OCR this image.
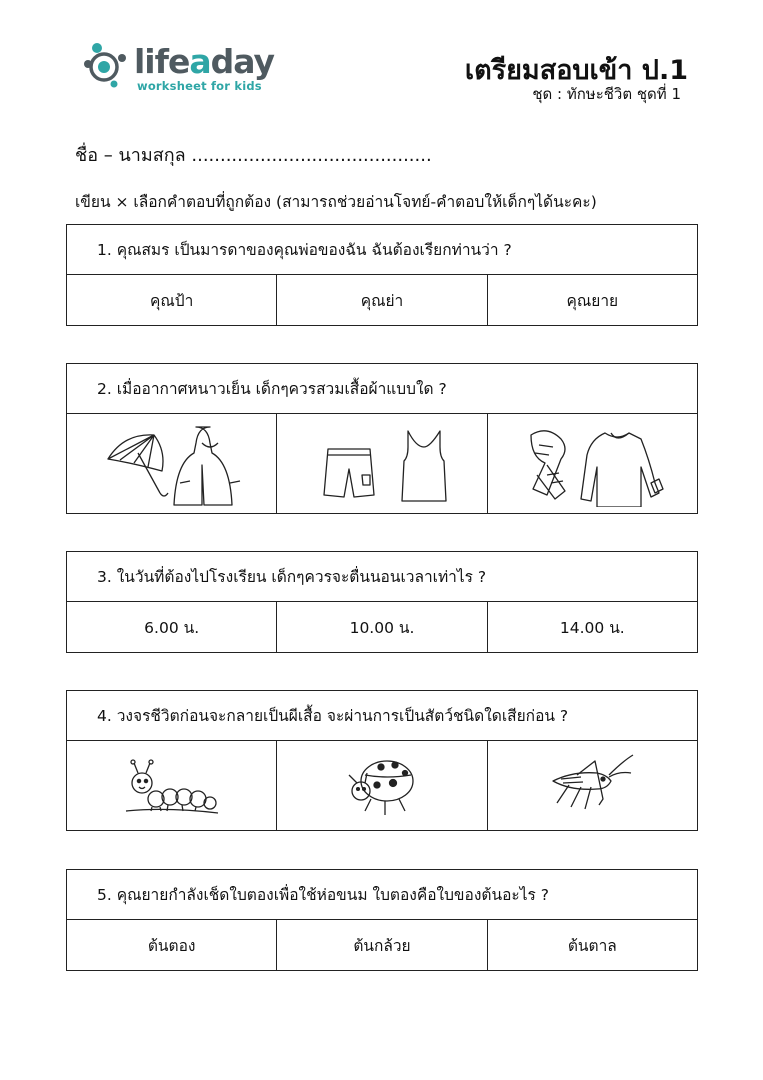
lifeaday
worksheet for kids	เตรียมสอบเข้า ป.1
ชุด : ทักษะชีวิต ชุดที่ 1
ชื่อ – นามสกุล ..........................................
เขียน × เลือกคำตอบที่ถูกต้อง (สามารถช่วยอ่านโจทย์-คำตอบให้เด็กๆได้นะคะ)
1. คุณสมร เป็นมารดาของคุณพ่อของฉัน ฉันต้องเรียกท่านว่า ?
คุณป้า	คุณย่า	คุณยาย
2. เมื่ออากาศหนาวเย็น เด็กๆควรสวมเสื้อผ้าแบบใด ?
3. ในวันที่ต้องไปโรงเรียน เด็กๆควรจะตื่นนอนเวลาเท่าไร ?
6.00 น.	10.00 น.	14.00 น.
4. วงจรชีวิตก่อนจะกลายเป็นผีเสื้อ จะผ่านการเป็นสัตว์ชนิดใดเสียก่อน ?
5. คุณยายกำลังเช็ดใบตองเพื่อใช้ห่อขนม ใบตองคือใบของต้นอะไร ?
ต้นตอง	ต้นกล้วย	ต้นตาล
